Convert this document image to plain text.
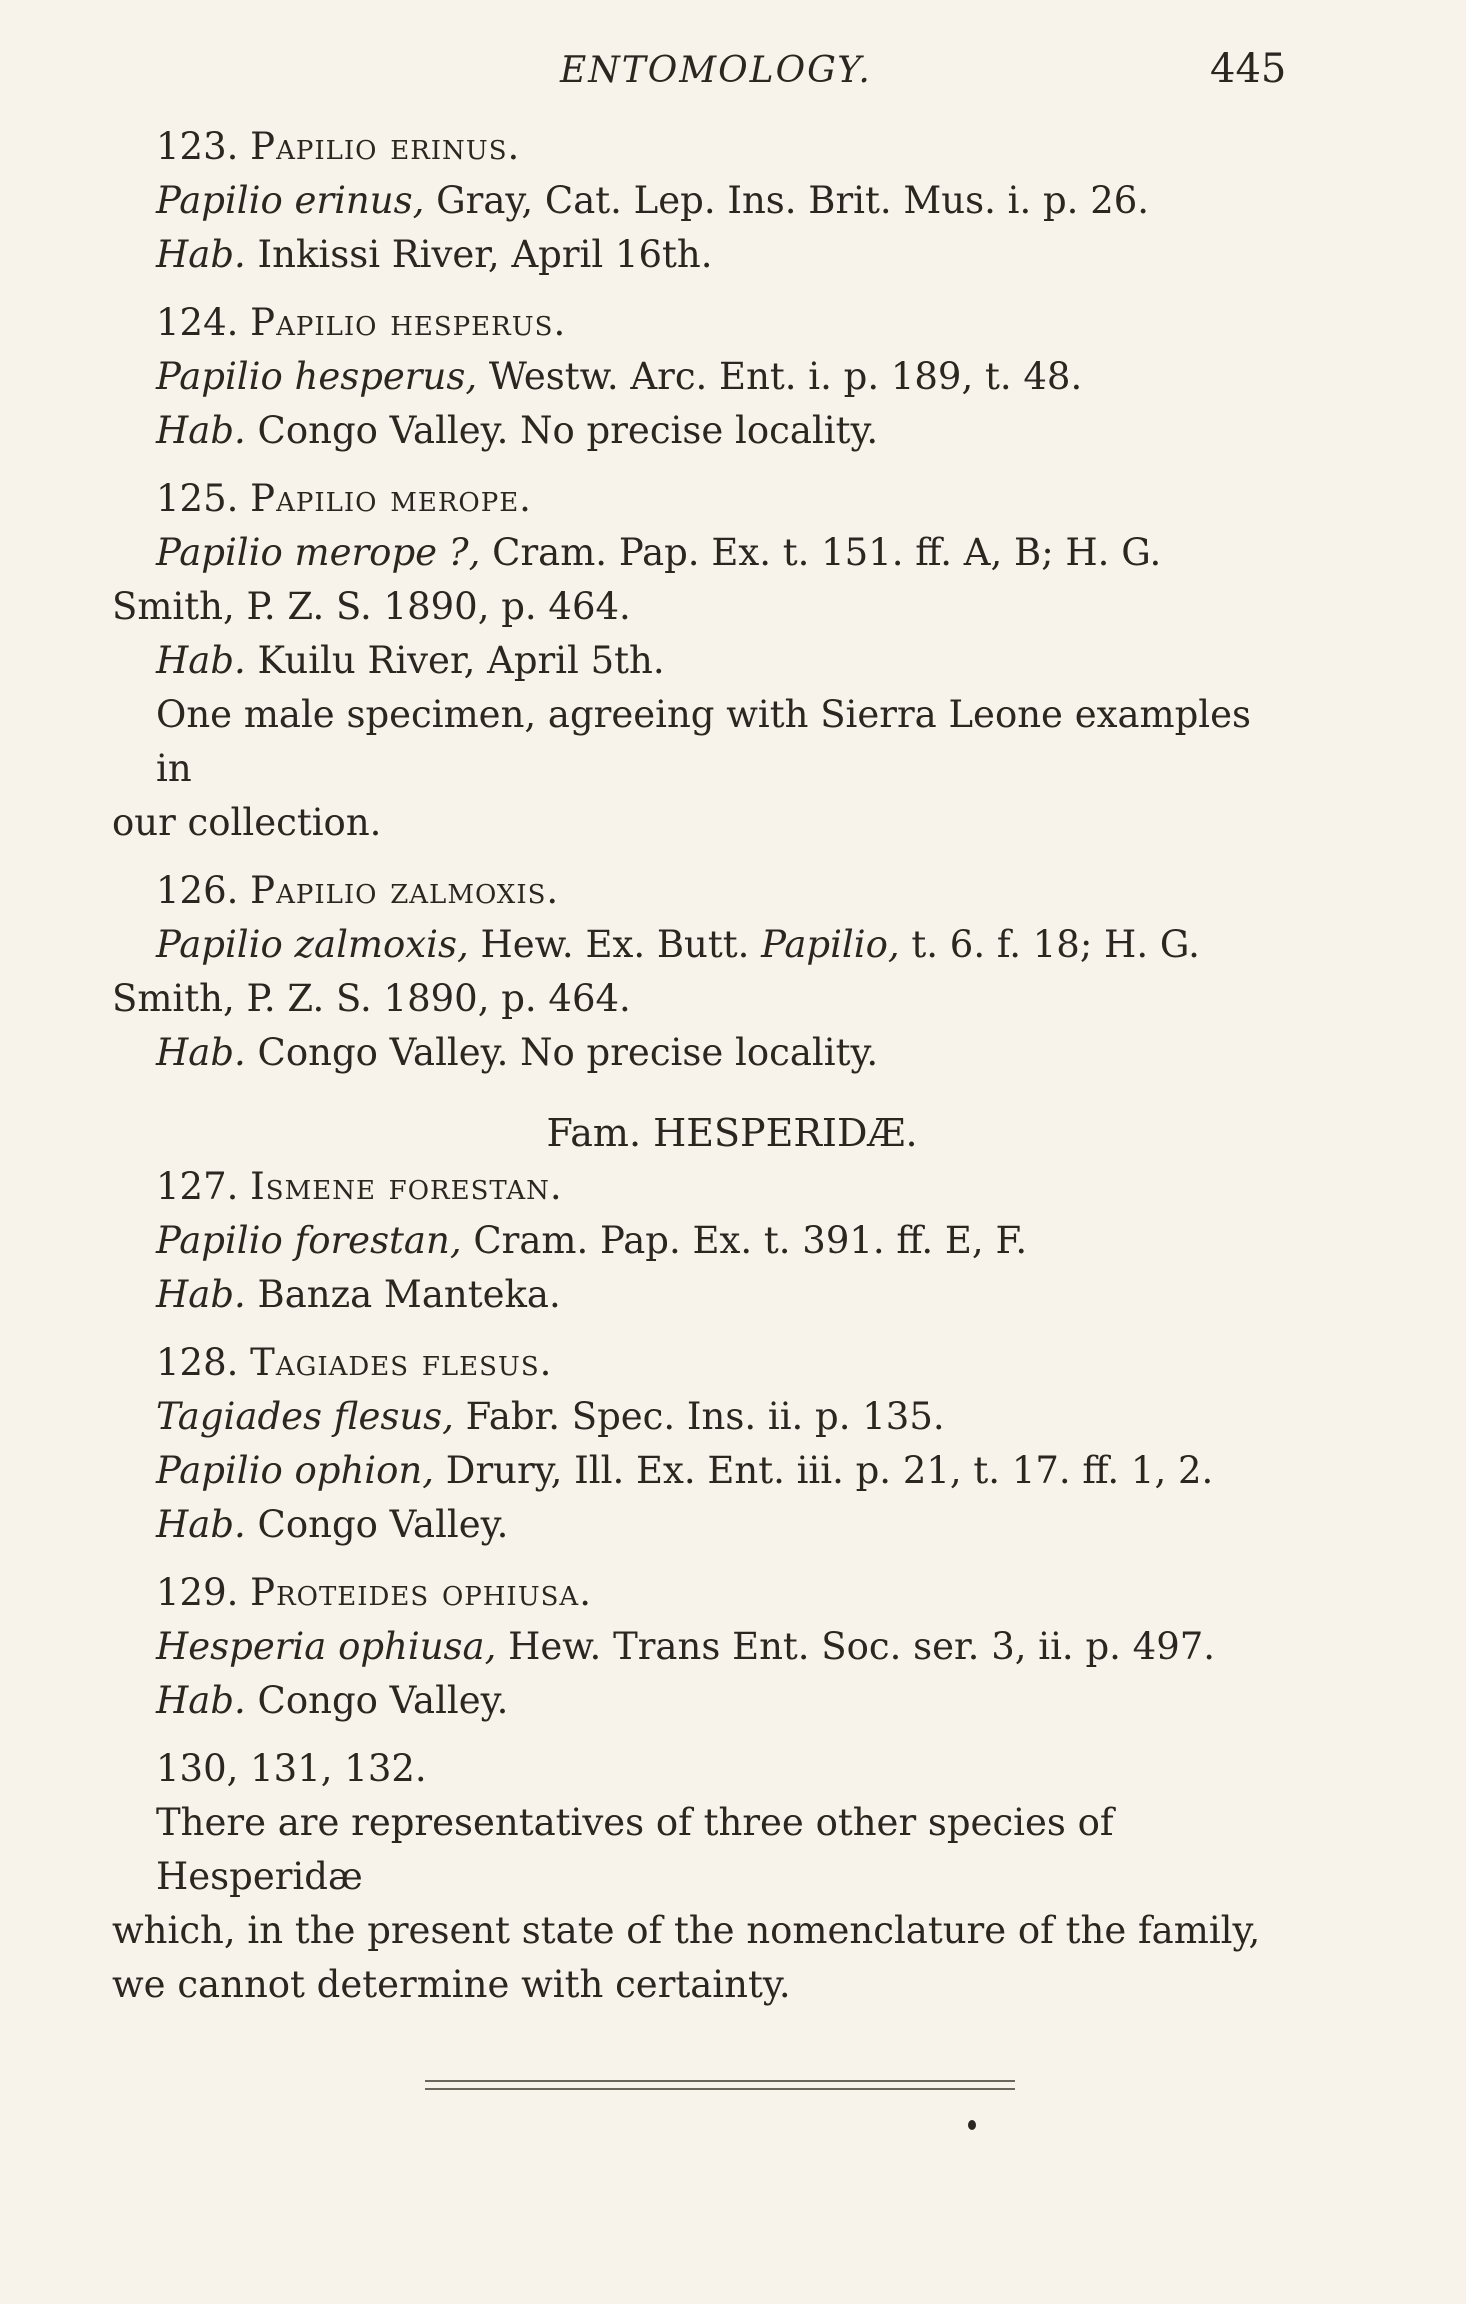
ENTOMOLOGY.	445
123. Papilio erinus.
Papilio erinus, Gray, Cat. Lep. Ins. Brit. Mus. i. p. 26.
Hab. Inkissi River, April 16th.
124. Papilio hesperus.
Papilio hesperus, Westw. Arc. Ent. i. p. 189, t. 48.
Hab. Congo Valley. No precise locality.
125. Papilio merope.
Papilio merope ?, Cram. Pap. Ex. t. 151. ff. A, B; H. G.
Smith, P. Z. S. 1890, p. 464.
Hab. Kuilu River, April 5th.
One male specimen, agreeing with Sierra Leone examples in
our collection.
126. Papilio zalmoxis.
Papilio zalmoxis, Hew. Ex. Butt. Papilio, t. 6. f. 18; H. G.
Smith, P. Z. S. 1890, p. 464.
Hab. Congo Valley. No precise locality.
Fam. HESPERIDÆ.
127. Ismene forestan.
Papilio forestan, Cram. Pap. Ex. t. 391. ff. E, F.
Hab. Banza Manteka.
128. Tagiades flesus.
Tagiades flesus, Fabr. Spec. Ins. ii. p. 135.
Papilio ophion, Drury, Ill. Ex. Ent. iii. p. 21, t. 17. ff. 1, 2.
Hab. Congo Valley.
129. Proteides ophiusa.
Hesperia ophiusa, Hew. Trans Ent. Soc. ser. 3, ii. p. 497.
Hab. Congo Valley.
130, 131, 132.
There are representatives of three other species of Hesperidæ
which, in the present state of the nomenclature of the family,
we cannot determine with certainty.
